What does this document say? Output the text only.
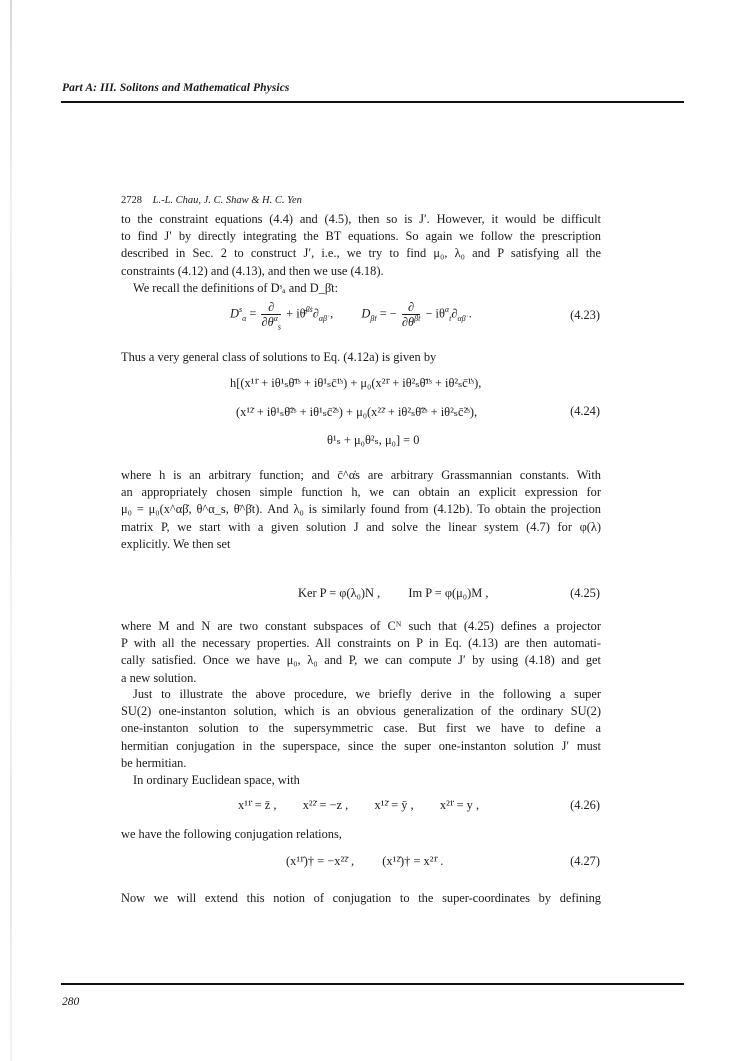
Part A: III. Solitons and Mathematical Physics
2728 L.-L. Chau, J. C. Shaw & H. C. Yen
to the constraint equations (4.4) and (4.5), then so is J′. However, it would be difficult
to find J′ by directly integrating the BT equations. So again we follow the prescription
described in Sec. 2 to construct J′, i.e., we try to find μ₀, λ₀ and P satisfying all the
constraints (4.12) and (4.13), and then we use (4.18).
We recall the definitions of Dˢₐ and D_β̇t:
$D^s_\alpha = \frac{\partial}{\partial\theta^\alpha_s}$ + $i\thetā^{\betȧs}\partial_{\alpha\betȧ}$ ,  $D_{\betȧt}$ = − $\frac{\partial}{\partial\overline{\theta}^{\betȧt}} - i\theta^\alpha_t\partial_{\alpha\betȧ}$ .	(4.23)
Thus a very general class of solutions to Eq. (4.12a) is given by
h[(x¹¹̇ + iθ¹ₛθ̄¹̇ˢ + iθ¹ₛc̄¹̇ˢ) + μ₀(x²¹̇ + iθ²ₛθ̄¹̇ˢ + iθ²ₛc̄¹̇ˢ),
(x¹²̇ + iθ¹ₛθ̄²̇ˢ + iθ¹ₛc̄²̇ˢ) + μ₀(x²²̇ + iθ²ₛθ̄²̇ˢ + iθ²ₛc̄²̇ˢ),	(4.24)
θ¹ₛ + μ₀θ²ₛ, μ₀] = 0
where h is an arbitrary function; and c̄^α̇s are arbitrary Grassmannian constants. With
an appropriately chosen simple function h, we can obtain an explicit expression for
μ₀ = μ₀(x^αβ̇, θ^α_s, θ̄^β̇t). And λ₀ is similarly found from (4.12b). To obtain the projection
matrix P, we start with a given solution J and solve the linear system (4.7) for φ(λ)
explicitly. We then set
Ker P = φ(λ₀)N , Im P = φ(μ₀)M ,	(4.25)
where M and N are two constant subspaces of Cᴺ such that (4.25) defines a projector
P with all the necessary properties. All constraints on P in Eq. (4.13) are then automati-
cally satisfied. Once we have μ₀, λ₀ and P, we can compute J′ by using (4.18) and get
a new solution.
Just to illustrate the above procedure, we briefly derive in the following a super
SU(2) one-instanton solution, which is an obvious generalization of the ordinary SU(2)
one-instanton solution to the supersymmetric case. But first we have to define a
hermitian conjugation in the superspace, since the super one-instanton solution J′ must
be hermitian.
In ordinary Euclidean space, with
x¹¹̇ = z̄ , x²²̇ = −z , x¹²̇ = ȳ , x²¹̇ = y ,	(4.26)
we have the following conjugation relations,
(x¹¹̇)† = −x²²̇ , (x¹²̇)† = x²¹̇ .	(4.27)
Now we will extend this notion of conjugation to the super-coordinates by defining
280
